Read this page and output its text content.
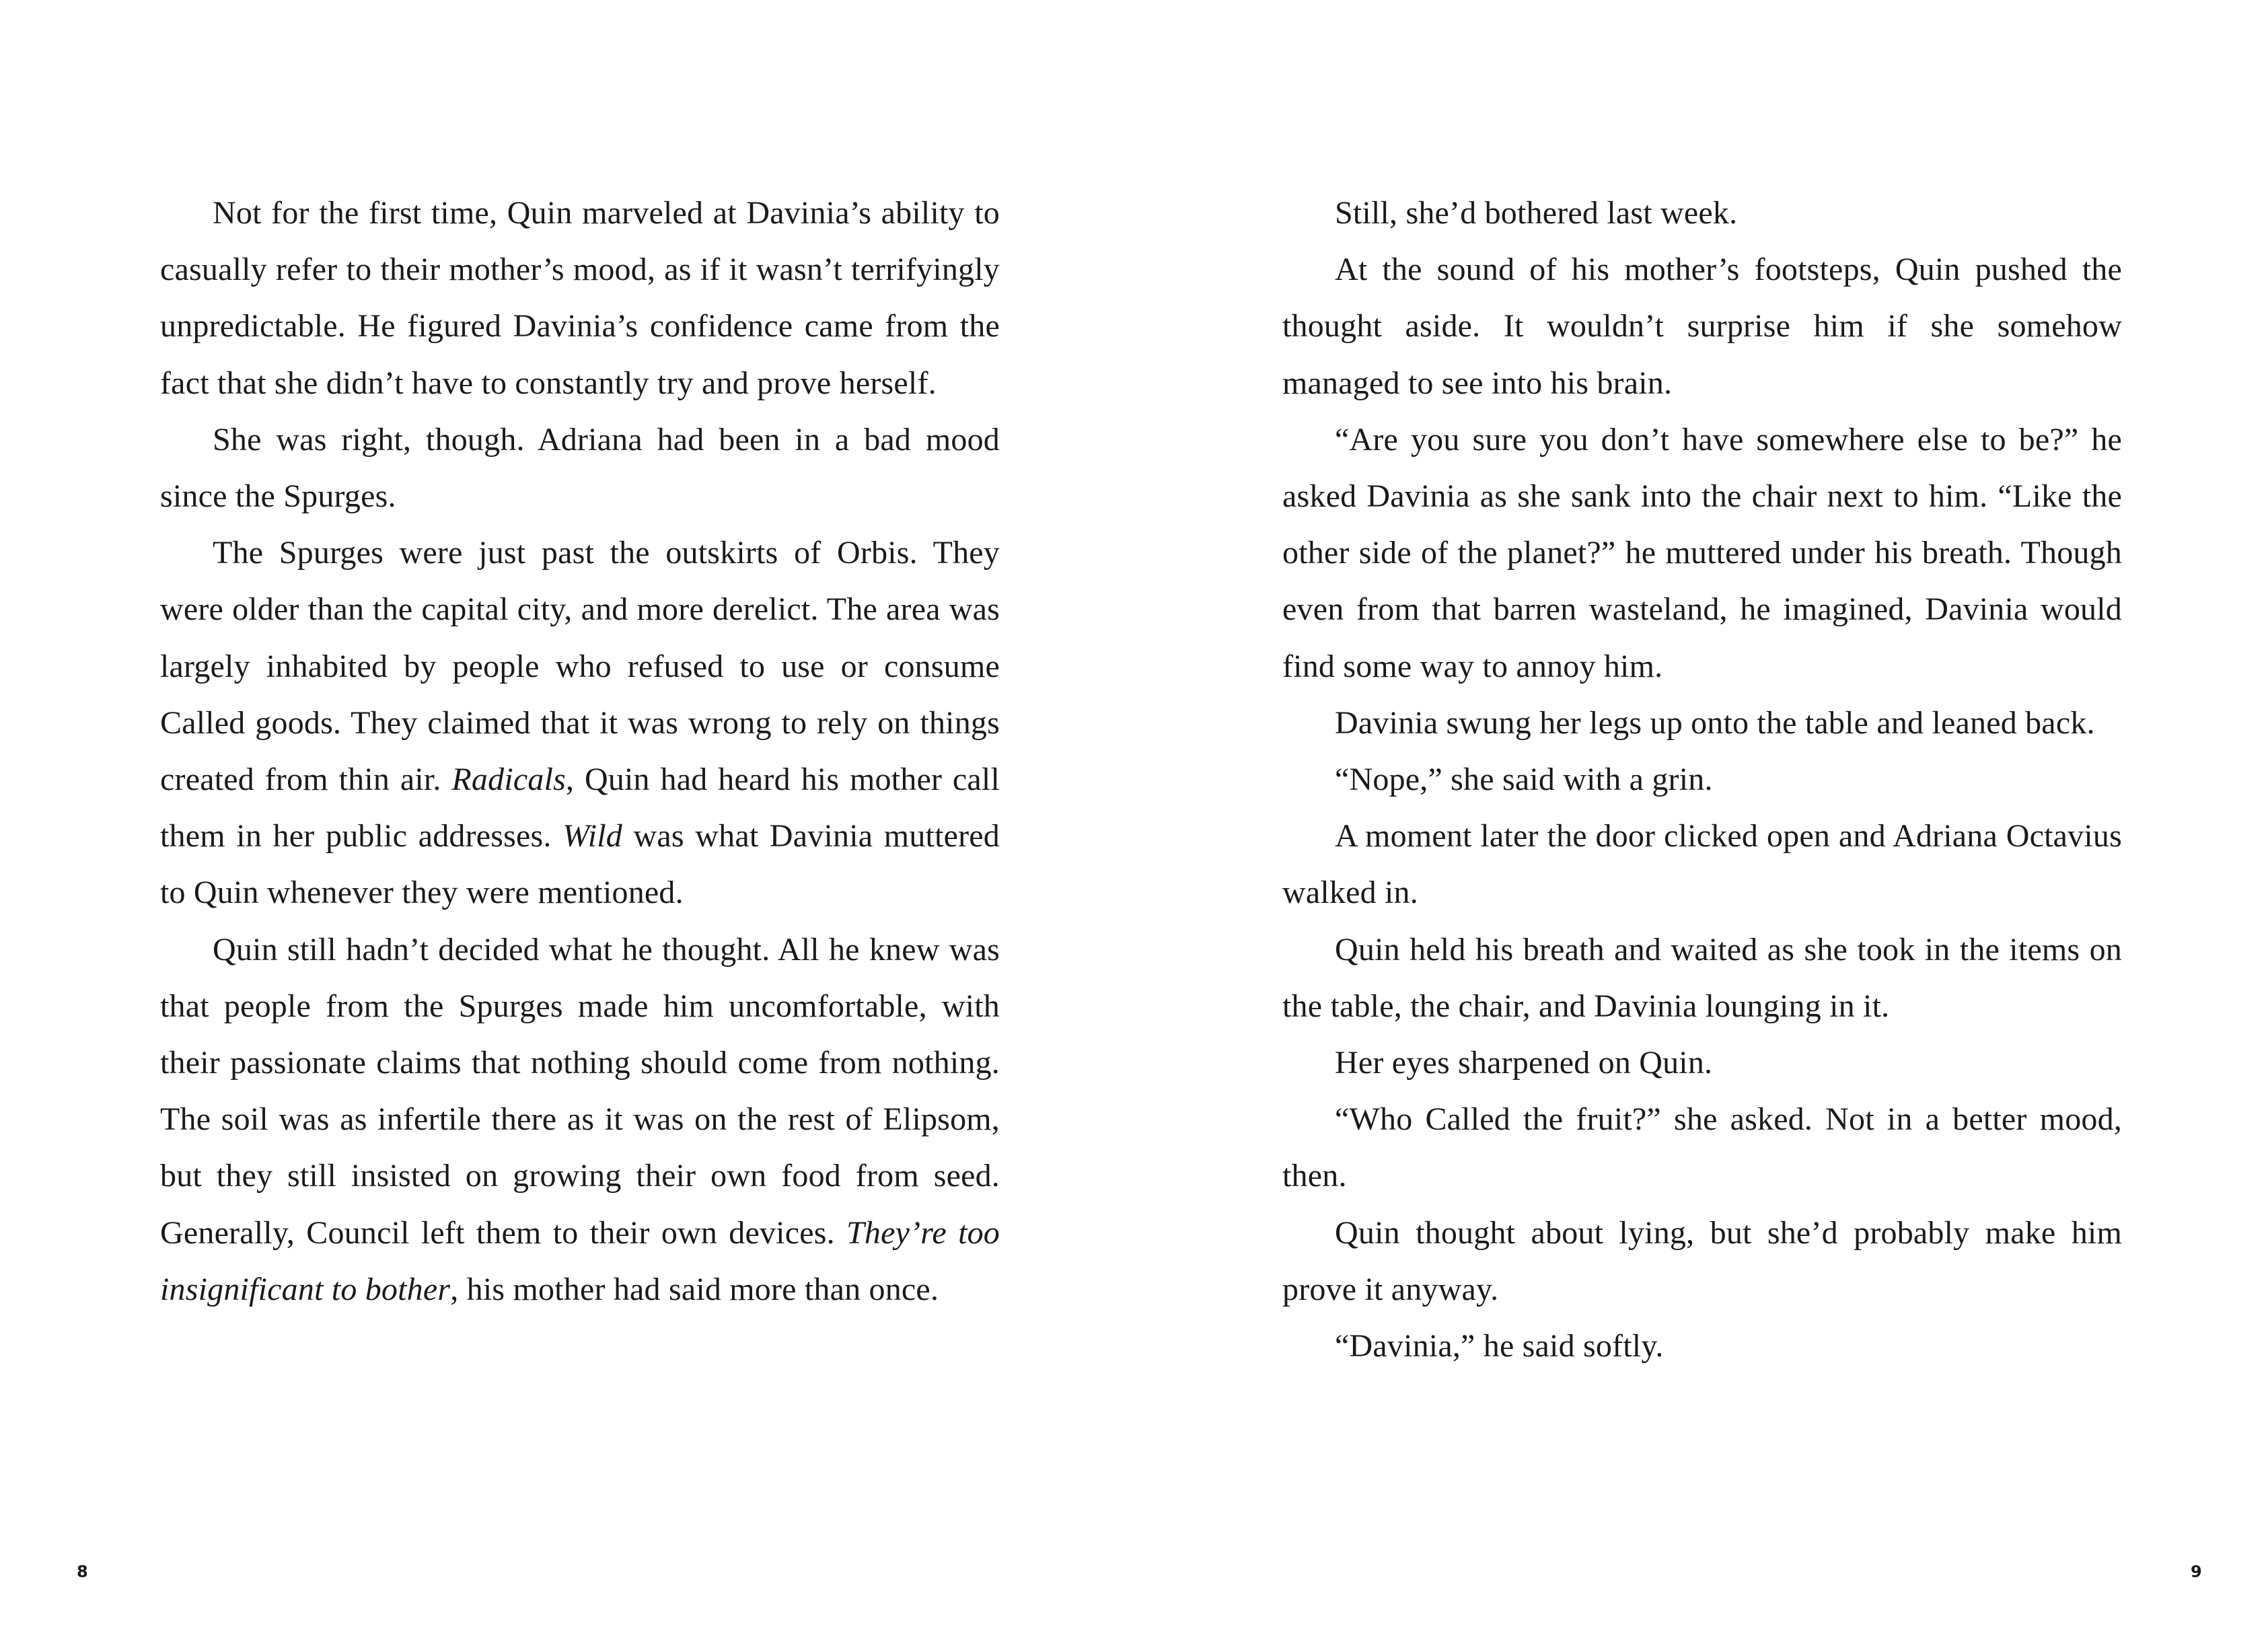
Not for the first time, Quin marveled at Davinia’s ability to casually refer to their mother’s mood, as if it wasn’t terrifyingly unpredictable. He figured Davinia’s confidence came from the fact that she didn’t have to constantly try and prove herself.

She was right, though. Adriana had been in a bad mood since the Spurges.

The Spurges were just past the outskirts of Orbis. They were older than the capital city, and more derelict. The area was largely inhabited by people who refused to use or consume Called goods. They claimed that it was wrong to rely on things created from thin air. Radicals, Quin had heard his mother call them in her public addresses. Wild was what Davinia muttered to Quin whenever they were mentioned.

Quin still hadn’t decided what he thought. All he knew was that people from the Spurges made him uncomfortable, with their passionate claims that nothing should come from nothing. The soil was as infertile there as it was on the rest of Elipsom, but they still insisted on growing their own food from seed. Generally, Council left them to their own devices. They’re too insignificant to bother, his mother had said more than once.

8

Still, she’d bothered last week.

At the sound of his mother’s footsteps, Quin pushed the thought aside. It wouldn’t surprise him if she somehow managed to see into his brain.

“Are you sure you don’t have somewhere else to be?” he asked Davinia as she sank into the chair next to him. “Like the other side of the planet?” he muttered under his breath. Though even from that barren wasteland, he imagined, Davinia would find some way to annoy him.

Davinia swung her legs up onto the table and leaned back.

“Nope,” she said with a grin.

A moment later the door clicked open and Adriana Octavius walked in.

Quin held his breath and waited as she took in the items on the table, the chair, and Davinia lounging in it.

Her eyes sharpened on Quin.

“Who Called the fruit?” she asked. Not in a better mood, then.

Quin thought about lying, but she’d probably make him prove it anyway.

“Davinia,” he said softly.

9
